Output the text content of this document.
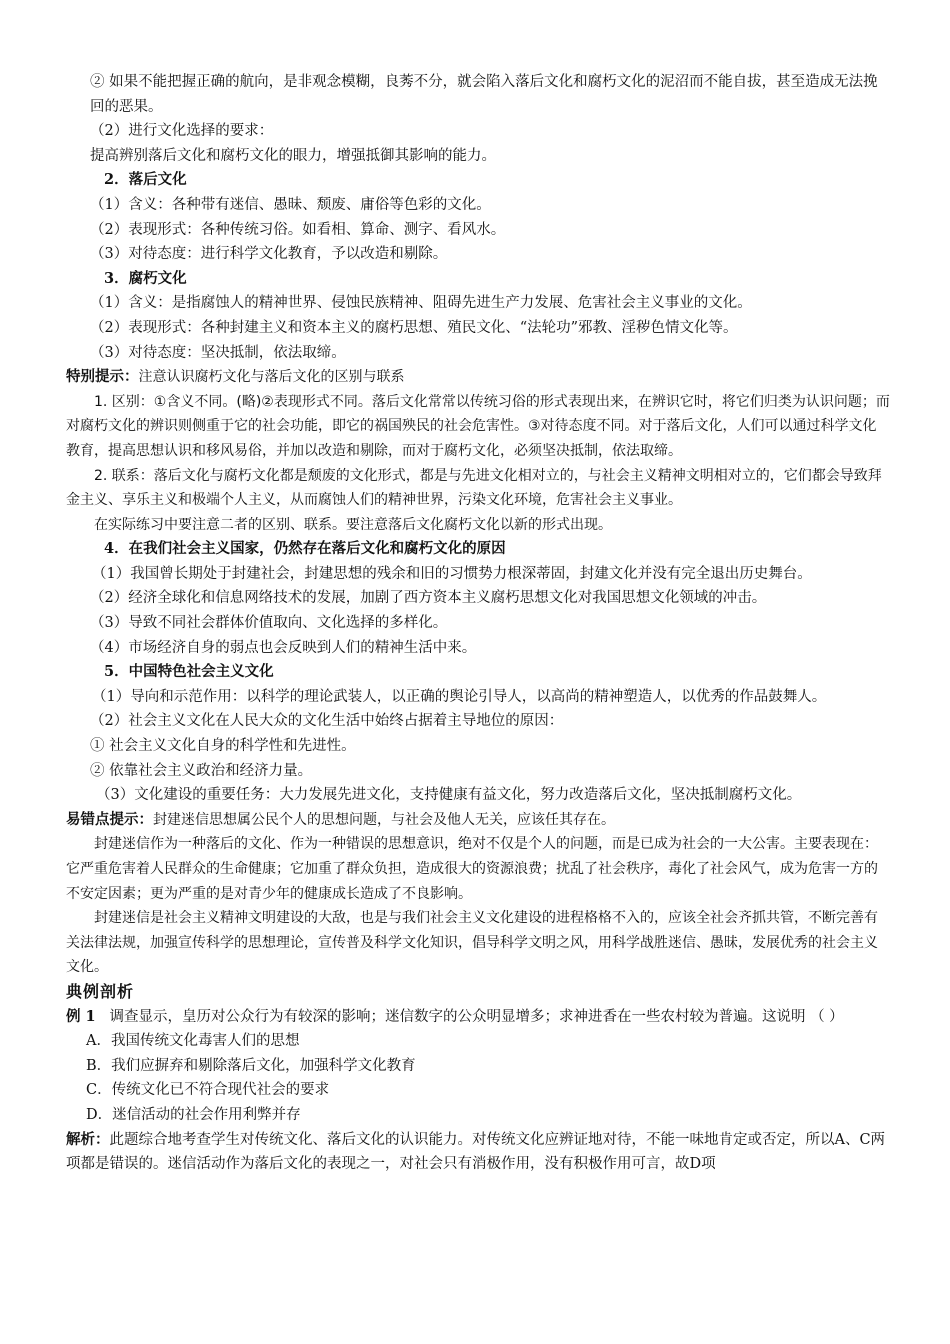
② 如果不能把握正确的航向，是非观念模糊，良莠不分，就会陷入落后文化和腐朽文化的泥沼而不能自拔，甚至造成无法挽回的恶果。

（2）进行文化选择的要求：

提高辨别落后文化和腐朽文化的眼力，增强抵御其影响的能力。

2．落后文化

（1）含义：各种带有迷信、愚昧、颓废、庸俗等色彩的文化。

（2）表现形式：各种传统习俗。如看相、算命、测字、看风水。

（3）对待态度：进行科学文化教育，予以改造和剔除。

3．腐朽文化

（1）含义：是指腐蚀人的精神世界、侵蚀民族精神、阻碍先进生产力发展、危害社会主义事业的文化。

（2）表现形式：各种封建主义和资本主义的腐朽思想、殖民文化、“法轮功”邪教、淫秽色情文化等。

（3）对待态度：坚决抵制，依法取缔。

特别提示：注意认识腐朽文化与落后文化的区别与联系

1. 区别：①含义不同。(略)②表现形式不同。落后文化常常以传统习俗的形式表现出来，在辨识它时，将它们归类为认识问题；而对腐朽文化的辨识则侧重于它的社会功能，即它的祸国殃民的社会危害性。③对待态度不同。对于落后文化，人们可以通过科学文化教育，提高思想认识和移风易俗，并加以改造和剔除，而对于腐朽文化，必须坚决抵制，依法取缔。

2. 联系：落后文化与腐朽文化都是颓废的文化形式，都是与先进文化相对立的，与社会主义精神文明相对立的，它们都会导致拜金主义、享乐主义和极端个人主义，从而腐蚀人们的精神世界，污染文化环境，危害社会主义事业。

在实际练习中要注意二者的区别、联系。要注意落后文化腐朽文化以新的形式出现。

4．在我们社会主义国家，仍然存在落后文化和腐朽文化的原因

（1）我国曾长期处于封建社会，封建思想的残余和旧的习惯势力根深蒂固，封建文化并没有完全退出历史舞台。

（2）经济全球化和信息网络技术的发展，加剧了西方资本主义腐朽思想文化对我国思想文化领域的冲击。

（3）导致不同社会群体价值取向、文化选择的多样化。

（4）市场经济自身的弱点也会反映到人们的精神生活中来。

5．中国特色社会主义文化

（1）导向和示范作用：以科学的理论武装人，以正确的舆论引导人，以高尚的精神塑造人，以优秀的作品鼓舞人。

（2）社会主义文化在人民大众的文化生活中始终占据着主导地位的原因：

① 社会主义文化自身的科学性和先进性。

② 依靠社会主义政治和经济力量。

（3）文化建设的重要任务：大力发展先进文化，支持健康有益文化，努力改造落后文化，坚决抵制腐朽文化。

易错点提示：封建迷信思想属公民个人的思想问题，与社会及他人无关，应该任其存在。

封建迷信作为一种落后的文化、作为一种错误的思想意识，绝对不仅是个人的问题，而是已成为社会的一大公害。主要表现在：它严重危害着人民群众的生命健康；它加重了群众负担，造成很大的资源浪费；扰乱了社会秩序，毒化了社会风气，成为危害一方的不安定因素；更为严重的是对青少年的健康成长造成了不良影响。

封建迷信是社会主义精神文明建设的大敌，也是与我们社会主义文化建设的进程格格不入的，应该全社会齐抓共管，不断完善有关法律法规，加强宣传科学的思想理论，宣传普及科学文化知识，倡导科学文明之风，用科学战胜迷信、愚昧，发展优秀的社会主义文化。

典例剖析

例 1 调查显示，皇历对公众行为有较深的影响；迷信数字的公众明显增多；求神进香在一些农村较为普遍。这说明 （ ）

A．我国传统文化毒害人们的思想

B．我们应摒弃和剔除落后文化，加强科学文化教育

C．传统文化已不符合现代社会的要求

D．迷信活动的社会作用利弊并存

解析：此题综合地考查学生对传统文化、落后文化的认识能力。对传统文化应辨证地对待，不能一味地肯定或否定，所以A、C两项都是错误的。迷信活动作为落后文化的表现之一，对社会只有消极作用，没有积极作用可言，故D项
